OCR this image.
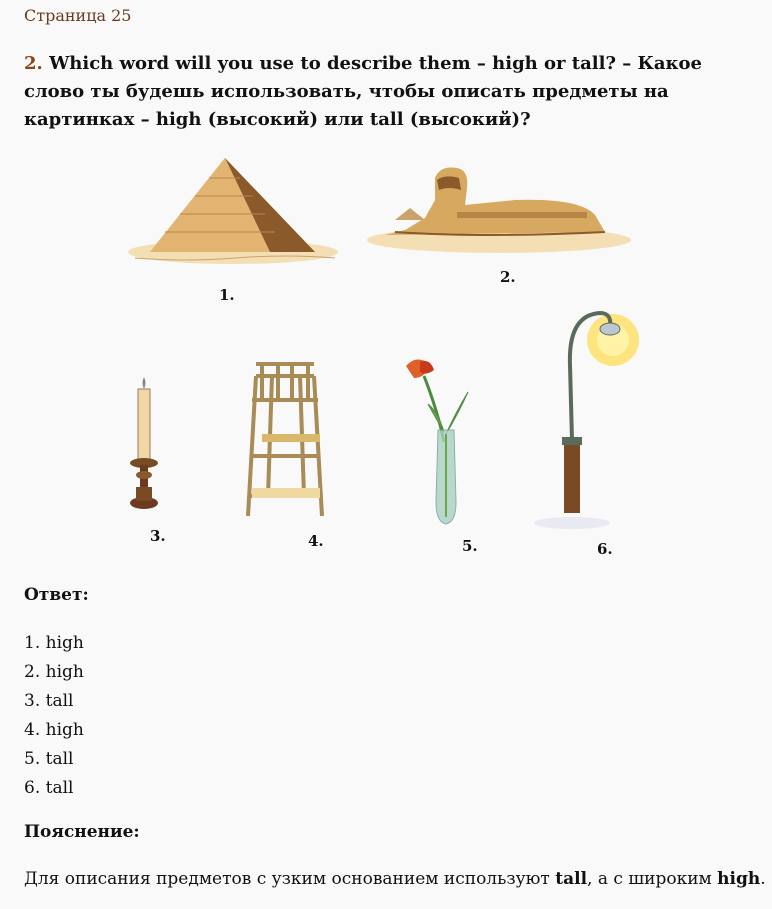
Страница 25
2. Which word will you use to describe them – high or tall? – Какое слово ты будешь использовать, чтобы описать предметы на картинках – high (высокий) или tall (высокий)?
1.
2.
3.	4.	5.	6.
Ответ:
1. high
2. high
3. tall
4. high
5. tall
6. tall
Пояснение:
Для описания предметов с узким основанием используют tall, а с широким high.
